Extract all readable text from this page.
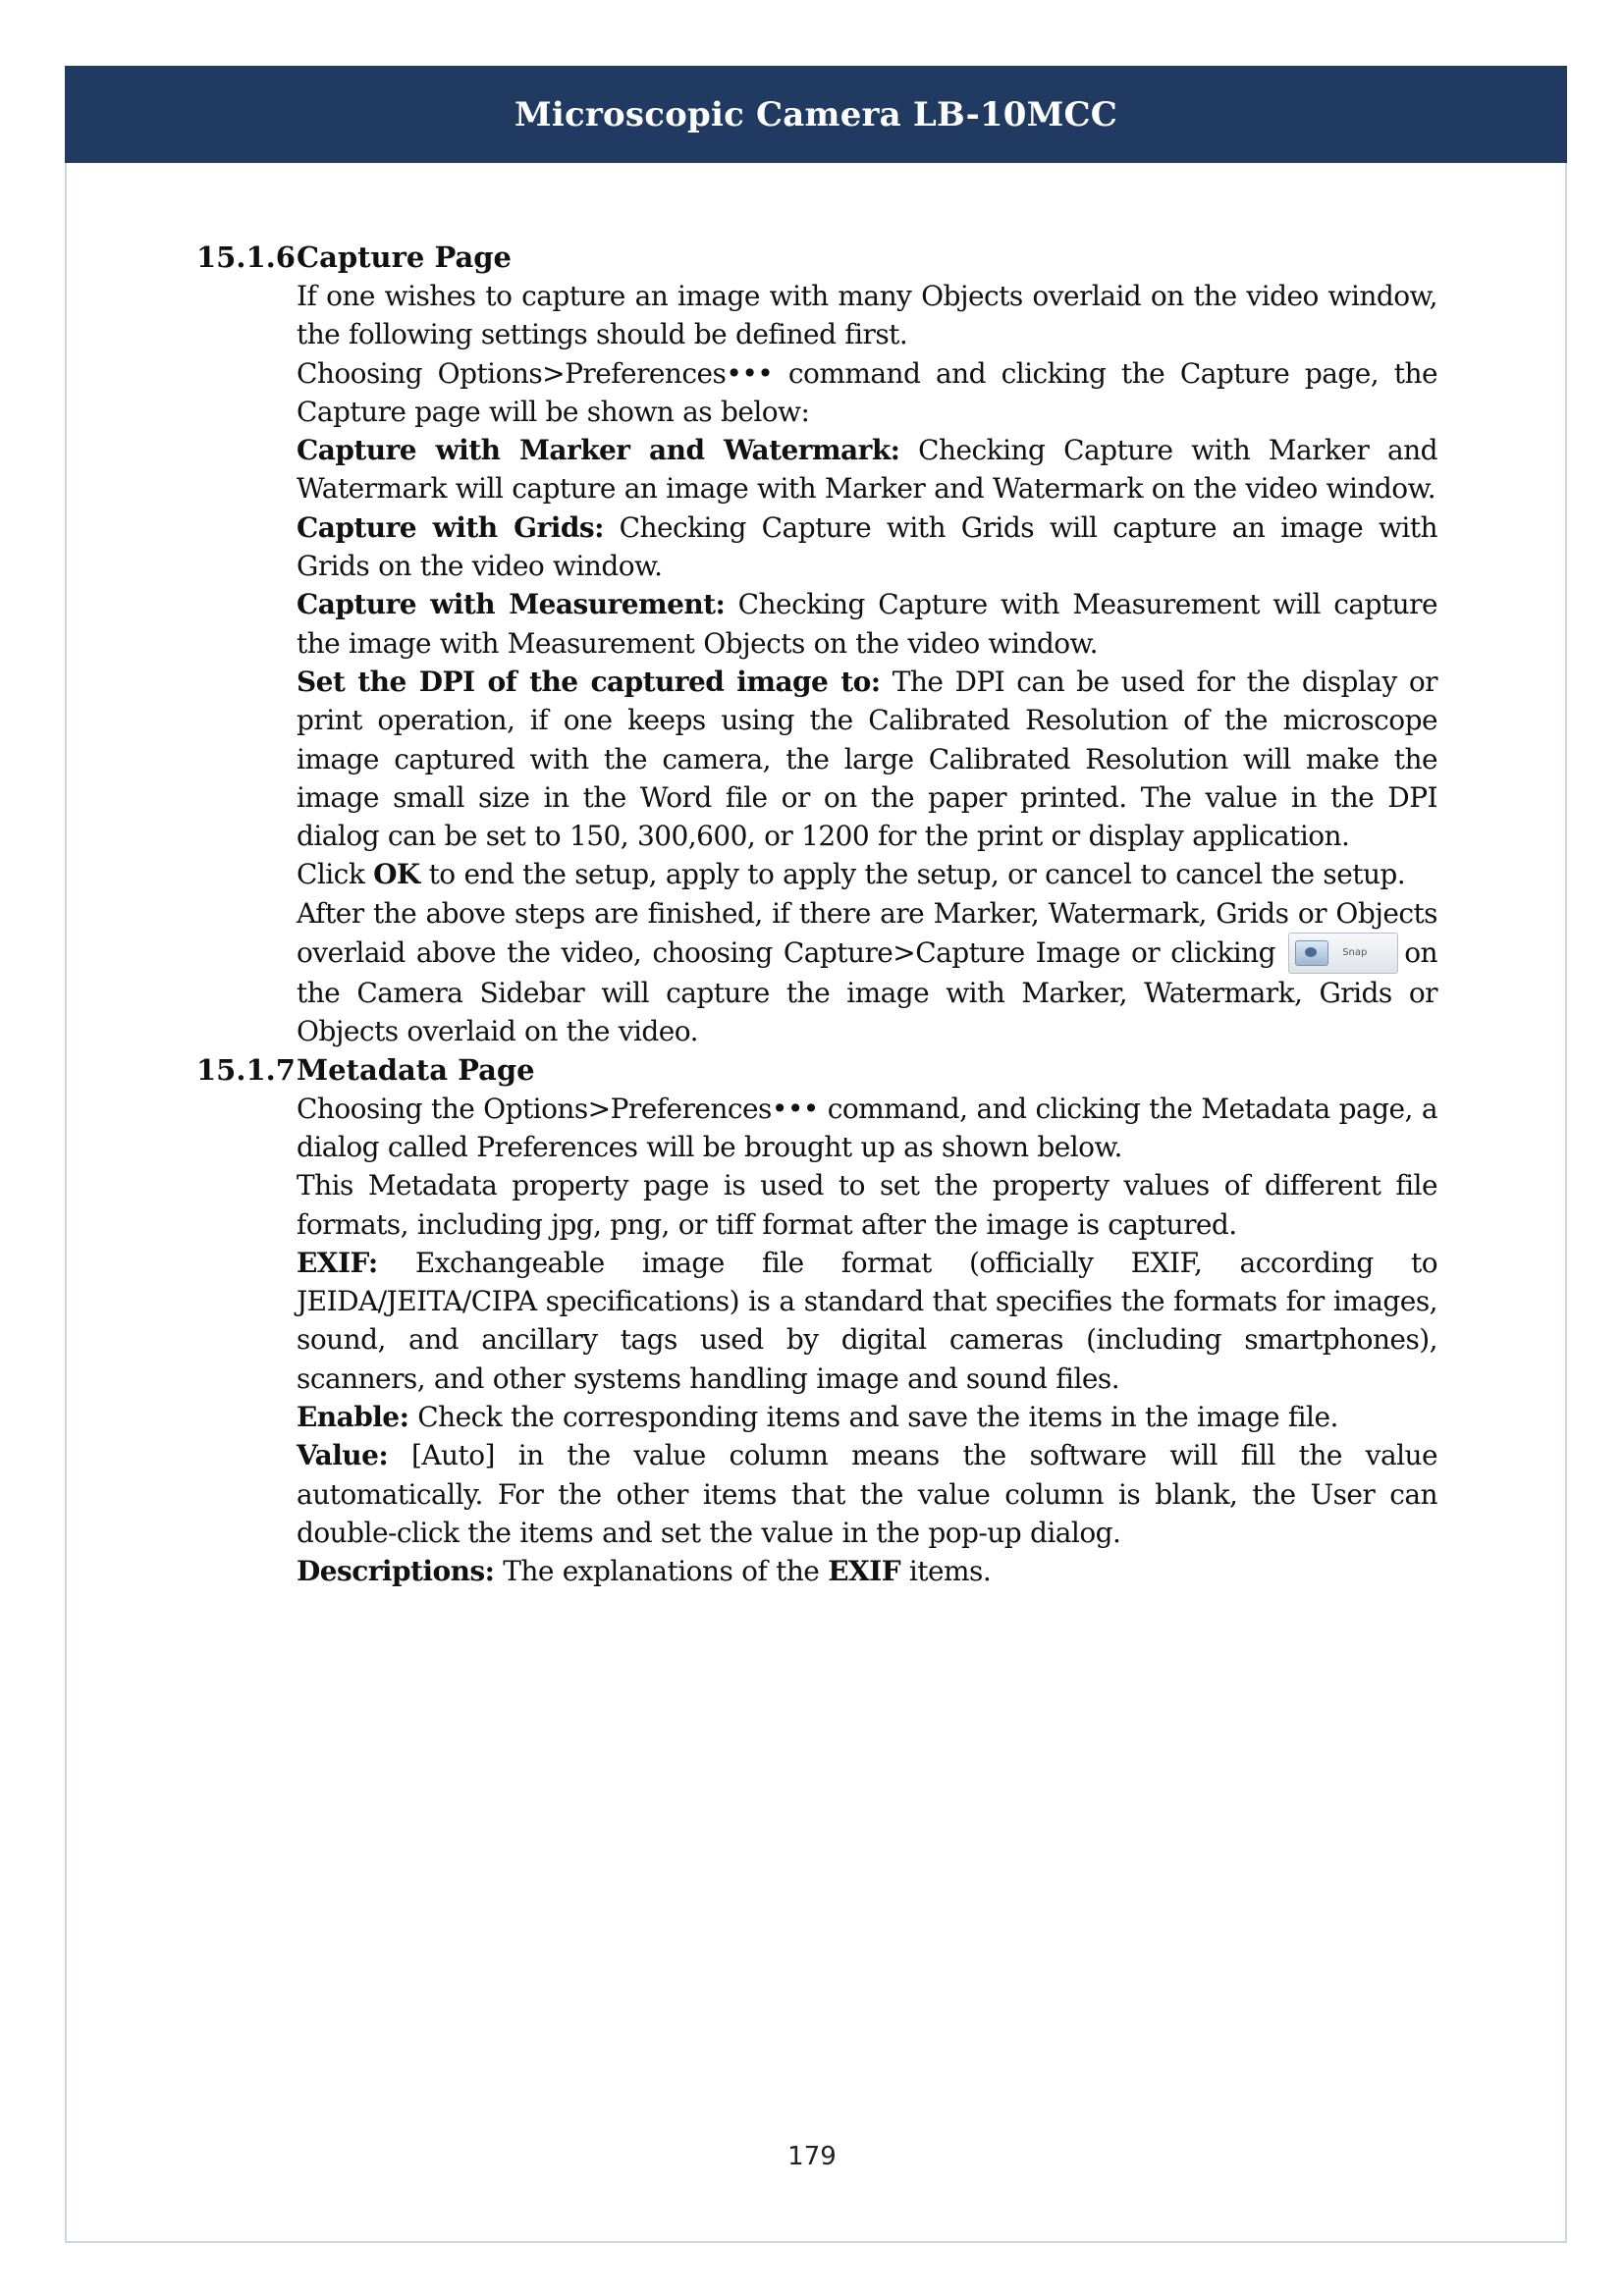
Microscopic Camera LB-10MCC
15.1.6 Capture Page

If one wishes to capture an image with many Objects overlaid on the video window, the following settings should be defined first.

Choosing Options>Preferences••• command and clicking the Capture page, the Capture page will be shown as below:

Capture with Marker and Watermark: Checking Capture with Marker and Watermark will capture an image with Marker and Watermark on the video window.

Capture with Grids: Checking Capture with Grids will capture an image with Grids on the video window.

Capture with Measurement: Checking Capture with Measurement will capture the image with Measurement Objects on the video window.

Set the DPI of the captured image to: The DPI can be used for the display or print operation, if one keeps using the Calibrated Resolution of the microscope image captured with the camera, the large Calibrated Resolution will make the image small size in the Word file or on the paper printed. The value in the DPI dialog can be set to 150, 300,600, or 1200 for the print or display application.

Click OK to end the setup, apply to apply the setup, or cancel to cancel the setup.

After the above steps are finished, if there are Marker, Watermark, Grids or Objects overlaid above the video, choosing Capture>Capture Image or clicking	Snap on the Camera Sidebar will capture the image with Marker, Watermark, Grids or Objects overlaid on the video.

15.1.7 Metadata Page

Choosing the Options>Preferences••• command, and clicking the Metadata page, a dialog called Preferences will be brought up as shown below.

This Metadata property page is used to set the property values of different file formats, including jpg, png, or tiff format after the image is captured.

EXIF: Exchangeable image file format (officially EXIF, according to JEIDA/JEITA/CIPA specifications) is a standard that specifies the formats for images, sound, and ancillary tags used by digital cameras (including smartphones), scanners, and other systems handling image and sound files.

Enable: Check the corresponding items and save the items in the image file.

Value: [Auto] in the value column means the software will fill the value automatically. For the other items that the value column is blank, the User can double-click the items and set the value in the pop-up dialog.

Descriptions: The explanations of the EXIF items.

179
